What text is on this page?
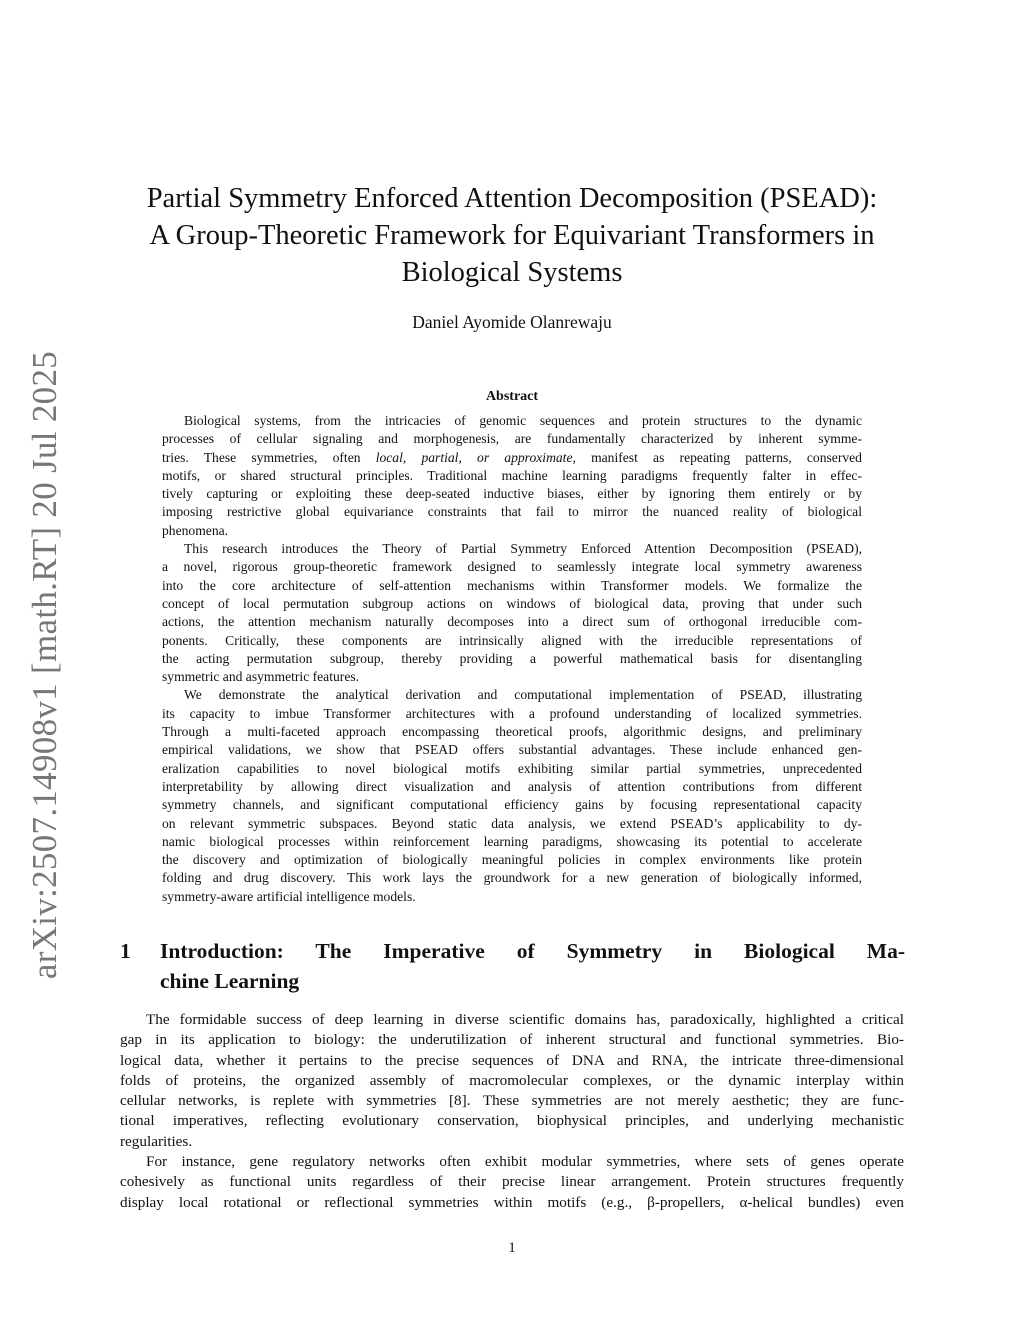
arXiv:2507.14908v1 [math.RT] 20 Jul 2025
Partial Symmetry Enforced Attention Decomposition (PSEAD):
A Group-Theoretic Framework for Equivariant Transformers in
Biological Systems
Daniel Ayomide Olanrewaju
Abstract
Biological systems, from the intricacies of genomic sequences and protein structures to the dynamic
processes of cellular signaling and morphogenesis, are fundamentally characterized by inherent symme-
tries. These symmetries, often local, partial, or approximate, manifest as repeating patterns, conserved
motifs, or shared structural principles. Traditional machine learning paradigms frequently falter in effec-
tively capturing or exploiting these deep-seated inductive biases, either by ignoring them entirely or by
imposing restrictive global equivariance constraints that fail to mirror the nuanced reality of biological
phenomena.
This research introduces the Theory of Partial Symmetry Enforced Attention Decomposition (PSEAD),
a novel, rigorous group-theoretic framework designed to seamlessly integrate local symmetry awareness
into the core architecture of self-attention mechanisms within Transformer models. We formalize the
concept of local permutation subgroup actions on windows of biological data, proving that under such
actions, the attention mechanism naturally decomposes into a direct sum of orthogonal irreducible com-
ponents. Critically, these components are intrinsically aligned with the irreducible representations of
the acting permutation subgroup, thereby providing a powerful mathematical basis for disentangling
symmetric and asymmetric features.
We demonstrate the analytical derivation and computational implementation of PSEAD, illustrating
its capacity to imbue Transformer architectures with a profound understanding of localized symmetries.
Through a multi-faceted approach encompassing theoretical proofs, algorithmic designs, and preliminary
empirical validations, we show that PSEAD offers substantial advantages. These include enhanced gen-
eralization capabilities to novel biological motifs exhibiting similar partial symmetries, unprecedented
interpretability by allowing direct visualization and analysis of attention contributions from different
symmetry channels, and significant computational efficiency gains by focusing representational capacity
on relevant symmetric subspaces. Beyond static data analysis, we extend PSEAD’s applicability to dy-
namic biological processes within reinforcement learning paradigms, showcasing its potential to accelerate
the discovery and optimization of biologically meaningful policies in complex environments like protein
folding and drug discovery. This work lays the groundwork for a new generation of biologically informed,
symmetry-aware artificial intelligence models.
1 Introduction: The Imperative of Symmetry in Biological Ma-
chine Learning
The formidable success of deep learning in diverse scientific domains has, paradoxically, highlighted a critical
gap in its application to biology: the underutilization of inherent structural and functional symmetries. Bio-
logical data, whether it pertains to the precise sequences of DNA and RNA, the intricate three-dimensional
folds of proteins, the organized assembly of macromolecular complexes, or the dynamic interplay within
cellular networks, is replete with symmetries [8]. These symmetries are not merely aesthetic; they are func-
tional imperatives, reflecting evolutionary conservation, biophysical principles, and underlying mechanistic
regularities.
For instance, gene regulatory networks often exhibit modular symmetries, where sets of genes operate
cohesively as functional units regardless of their precise linear arrangement. Protein structures frequently
display local rotational or reflectional symmetries within motifs (e.g., β-propellers, α-helical bundles) even
1
